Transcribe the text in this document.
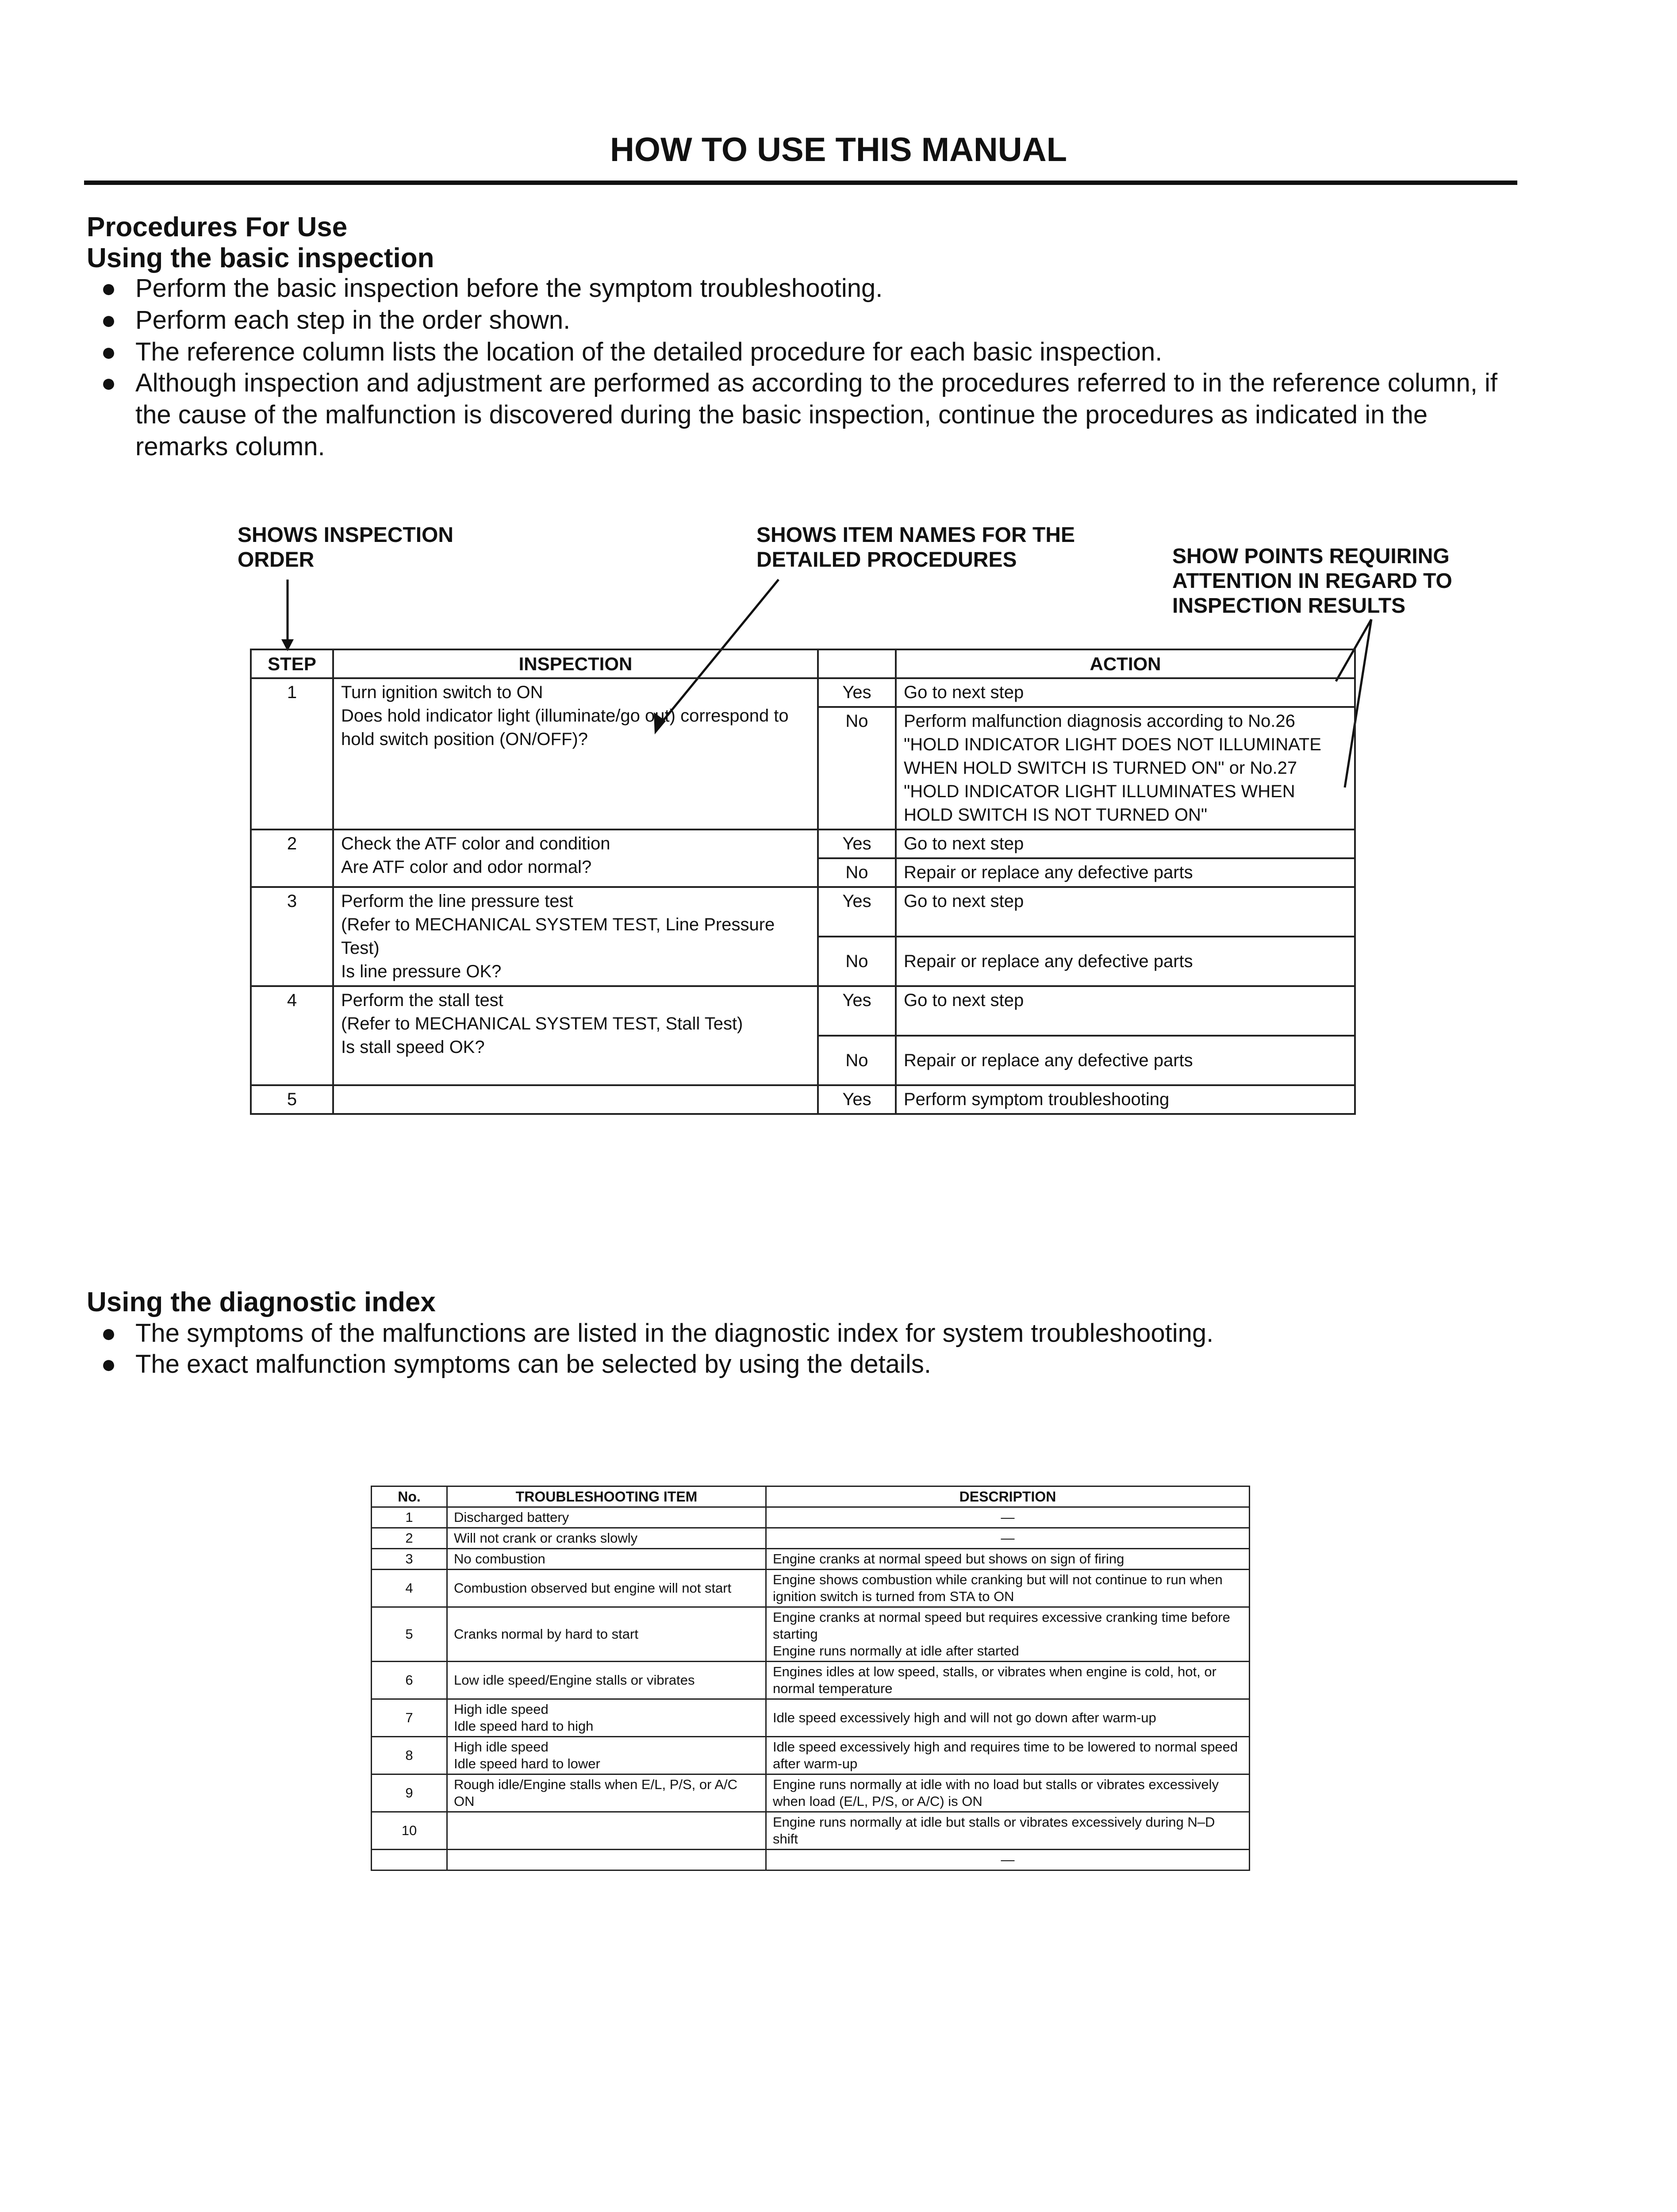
HOW TO USE THIS MANUAL
Procedures For Use
Using the basic inspection
● Perform the basic inspection before the symptom troubleshooting.
● Perform each step in the order shown.
● The reference column lists the location of the detailed procedure for each basic inspection.
● Although inspection and adjustment are performed as according to the procedures referred to in the reference column, if the cause of the malfunction is discovered during the basic inspection, continue the procedures as indicated in the remarks column.
SHOWS INSPECTION ORDER
SHOWS ITEM NAMES FOR THE DETAILED PROCEDURES	SHOW POINTS REQUIRING ATTENTION IN REGARD TO INSPECTION RESULTS
STEP	INSPECTION		ACTION
1	Turn ignition switch to ON
Does hold indicator light (illuminate/go out) correspond to hold switch position (ON/OFF)?	Yes	Go to next step
		No	Perform malfunction diagnosis according to No.26 "HOLD INDICATOR LIGHT DOES NOT ILLUMINATE WHEN HOLD SWITCH IS TURNED ON" or No.27 "HOLD INDICATOR LIGHT ILLUMINATES WHEN HOLD SWITCH IS NOT TURNED ON"
2	Check the ATF color and condition
Are ATF color and odor normal?	Yes	Go to next step
		No	Repair or replace any defective parts
3	Perform the line pressure test
(Refer to MECHANICAL SYSTEM TEST, Line Pressure Test)
Is line pressure OK?	Yes	Go to next step
		No	Repair or replace any defective parts
4	Perform the stall test
(Refer to MECHANICAL SYSTEM TEST, Stall Test)
Is stall speed OK?	Yes	Go to next step
		No	Repair or replace any defective parts
5		Yes	Perform symptom troubleshooting
Using the diagnostic index
● The symptoms of the malfunctions are listed in the diagnostic index for system troubleshooting.
● The exact malfunction symptoms can be selected by using the details.
No.	TROUBLESHOOTING ITEM	DESCRIPTION
1	Discharged battery	—
2	Will not crank or cranks slowly	—
3	No combustion	Engine cranks at normal speed but shows on sign of firing
4	Combustion observed but engine will not start	Engine shows combustion while cranking but will not continue to run when ignition switch is turned from STA to ON
5	Cranks normal by hard to start	Engine cranks at normal speed but requires excessive cranking time before starting
Engine runs normally at idle after started
6	Low idle speed/Engine stalls or vibrates	Engines idles at low speed, stalls, or vibrates when engine is cold, hot, or normal temperature
7	High idle speed
Idle speed hard to high	Idle speed excessively high and will not go down after warm-up
8	High idle speed
Idle speed hard to lower	Idle speed excessively high and requires time to be lowered to normal speed after warm-up
9	Rough idle/Engine stalls when E/L, P/S, or A/C ON	Engine runs normally at idle with no load but stalls or vibrates excessively when load (E/L, P/S, or A/C) is ON
10		Engine runs normally at idle but stalls or vibrates excessively during N–D shift
		—
